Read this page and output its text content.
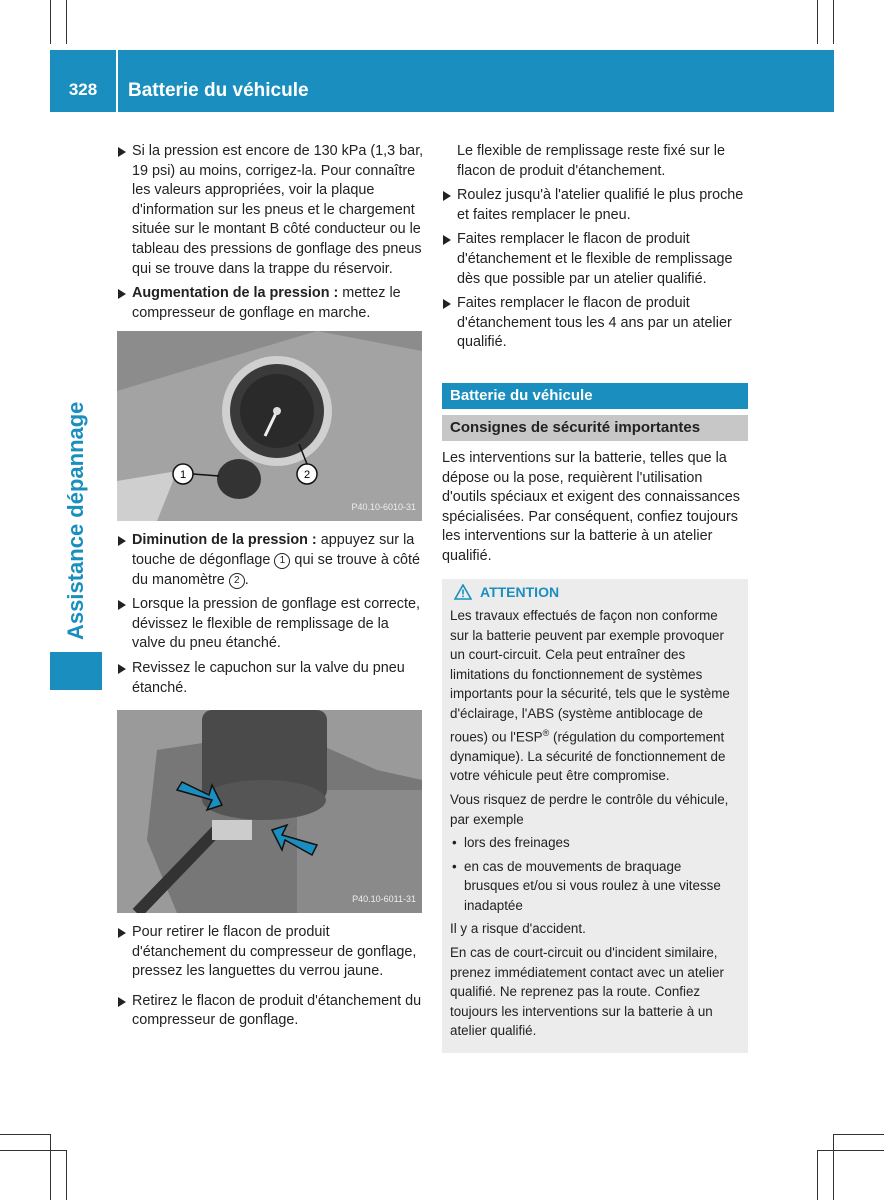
328	Batterie du véhicule
Assistance dépannage
Si la pression est encore de 130 kPa (1,3 bar, 19 psi) au moins, corrigez-la. Pour connaître les valeurs appropriées, voir la plaque d'information sur les pneus et le chargement située sur le montant B côté conducteur ou le tableau des pressions de gonflage des pneus qui se trouve dans la trappe du réservoir.
Augmentation de la pression : mettez le compresseur de gonflage en marche.
1	2
P40.10-6010-31
Diminution de la pression : appuyez sur la touche de dégonflage 1 qui se trouve à côté du manomètre 2 .
Lorsque la pression de gonflage est correcte, dévissez le flexible de remplissage de la valve du pneu étanché.
Revissez le capuchon sur la valve du pneu étanché.
P40.10-6011-31
Pour retirer le flacon de produit d'étanchement du compresseur de gonflage, pressez les languettes du verrou jaune.
Retirez le flacon de produit d'étanchement du compresseur de gonflage.
Le flexible de remplissage reste fixé sur le flacon de produit d'étanchement.
Roulez jusqu'à l'atelier qualifié le plus proche et faites remplacer le pneu.
Faites remplacer le flacon de produit d'étanchement et le flexible de remplissage dès que possible par un atelier qualifié.
Faites remplacer le flacon de produit d'étanchement tous les 4 ans par un atelier qualifié.
Batterie du véhicule
Consignes de sécurité importantes
Les interventions sur la batterie, telles que la dépose ou la pose, requièrent l'utilisation d'outils spéciaux et exigent des connaissances spécialisées. Par conséquent, confiez toujours les interventions sur la batterie à un atelier qualifié.
ATTENTION

Les travaux effectués de façon non conforme sur la batterie peuvent par exemple provoquer un court-circuit. Cela peut entraîner des limitations du fonctionnement de systèmes importants pour la sécurité, tels que le système d'éclairage, l'ABS (système antiblocage de roues) ou l'ESP® (régulation du comportement dynamique). La sécurité de fonctionnement de votre véhicule peut être compromise.

Vous risquez de perdre le contrôle du véhicule, par exemple

• lors des freinages
• en cas de mouvements de braquage brusques et/ou si vous roulez à une vitesse inadaptée

Il y a risque d'accident.

En cas de court-circuit ou d'incident similaire, prenez immédiatement contact avec un atelier qualifié. Ne reprenez pas la route. Confiez toujours les interventions sur la batterie à un atelier qualifié.
